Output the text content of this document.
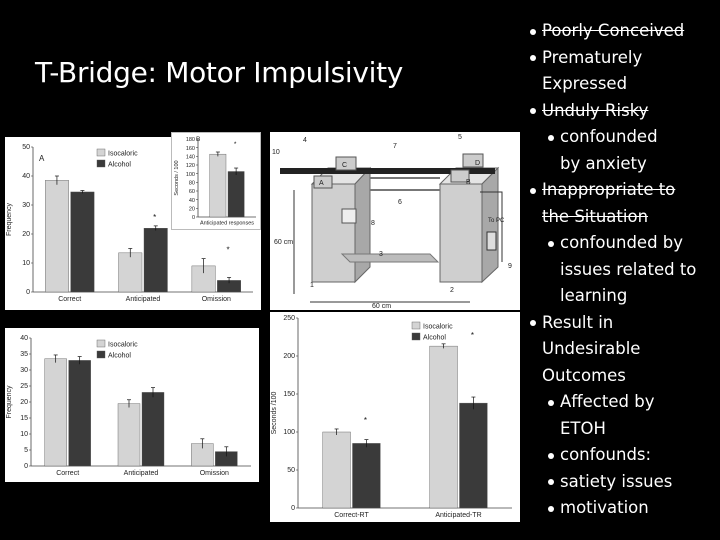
T-Bridge: Motor Impulsivity
0
10
20
30
40
50
Frequency
A
Correct	Anticipated
*
Omission
*
Isocaloric
Alcohol
0
20
40
60
80
100
120
140
160
180
Seconds / 100
B
Anticipated responses
*
60 cm
60 cm
To PC
A	B
C	D
1
2
3
4	5
6
7
8
9
10
0
5
10
15
20
25
30
35
40
Frequency
Correct	Anticipated	Omission
Isocaloric
Alcohol
0
50
100
150
200
250
Seconds /100
Correct-RT
*
Anticipated-TR
*
Isocaloric
Alcohol
Poorly Conceived
Prematurely
Expressed
Unduly Risky
confounded
by anxiety
Inappropriate to
the Situation
confounded by
issues related to
learning
Result in
Undesirable
Outcomes
Affected by
ETOH
confounds:
satiety issues
motivation
